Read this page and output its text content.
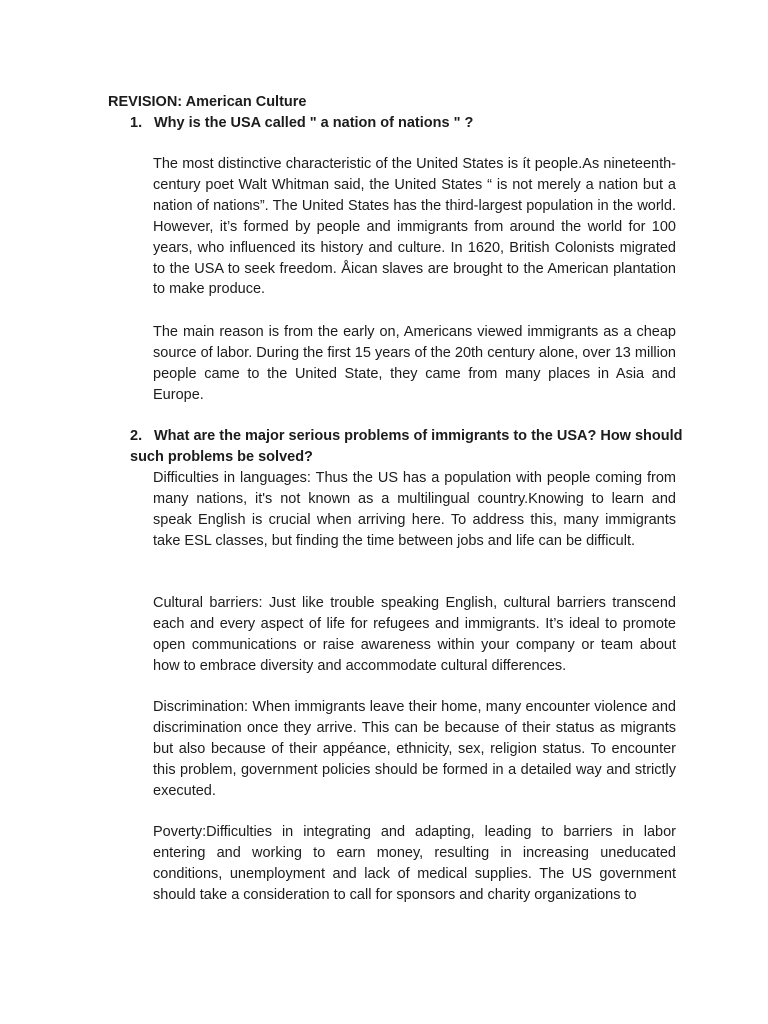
REVISION: American Culture
1. Why is the USA called " a nation of nations " ?

The most distinctive characteristic of the United States is ít people.As nineteenth- century poet Walt Whitman said, the United States “ is not merely a nation but a nation of nations”. The United States has the third-largest population in the world. However, it’s formed by people and immigrants from around the world for 100 years, who influenced its history and culture. In 1620, British Colonists migrated to the USA to seek freedom. Åican slaves are brought to the American plantation to make produce.

The main reason is from the early on, Americans viewed immigrants as a cheap source of labor. During the first 15 years of the 20th century alone, over 13 million people came to the United State, they came from many places in Asia and Europe.

2. What are the major serious problems of immigrants to the USA? How should
such problems be solved?

Difficulties in languages: Thus the US has a population with people coming from many nations, it's not known as a multilingual country.Knowing to learn and speak English is crucial when arriving here. To address this, many immigrants take ESL classes, but finding the time between jobs and life can be difficult.

Cultural barriers: Just like trouble speaking English, cultural barriers transcend each and every aspect of life for refugees and immigrants. It’s ideal to promote open communications or raise awareness within your company or team about how to embrace diversity and accommodate cultural differences.

Discrimination: When immigrants leave their home, many encounter violence and discrimination once they arrive. This can be because of their status as migrants but also because of their appéance, ethnicity, sex, religion status. To encounter this problem, government policies should be formed in a detailed way and strictly executed.

Poverty:Difficulties in integrating and adapting, leading to barriers in labor entering and working to earn money, resulting in increasing uneducated conditions, unemployment and lack of medical supplies. The US government should take a consideration to call for sponsors and charity organizations to
